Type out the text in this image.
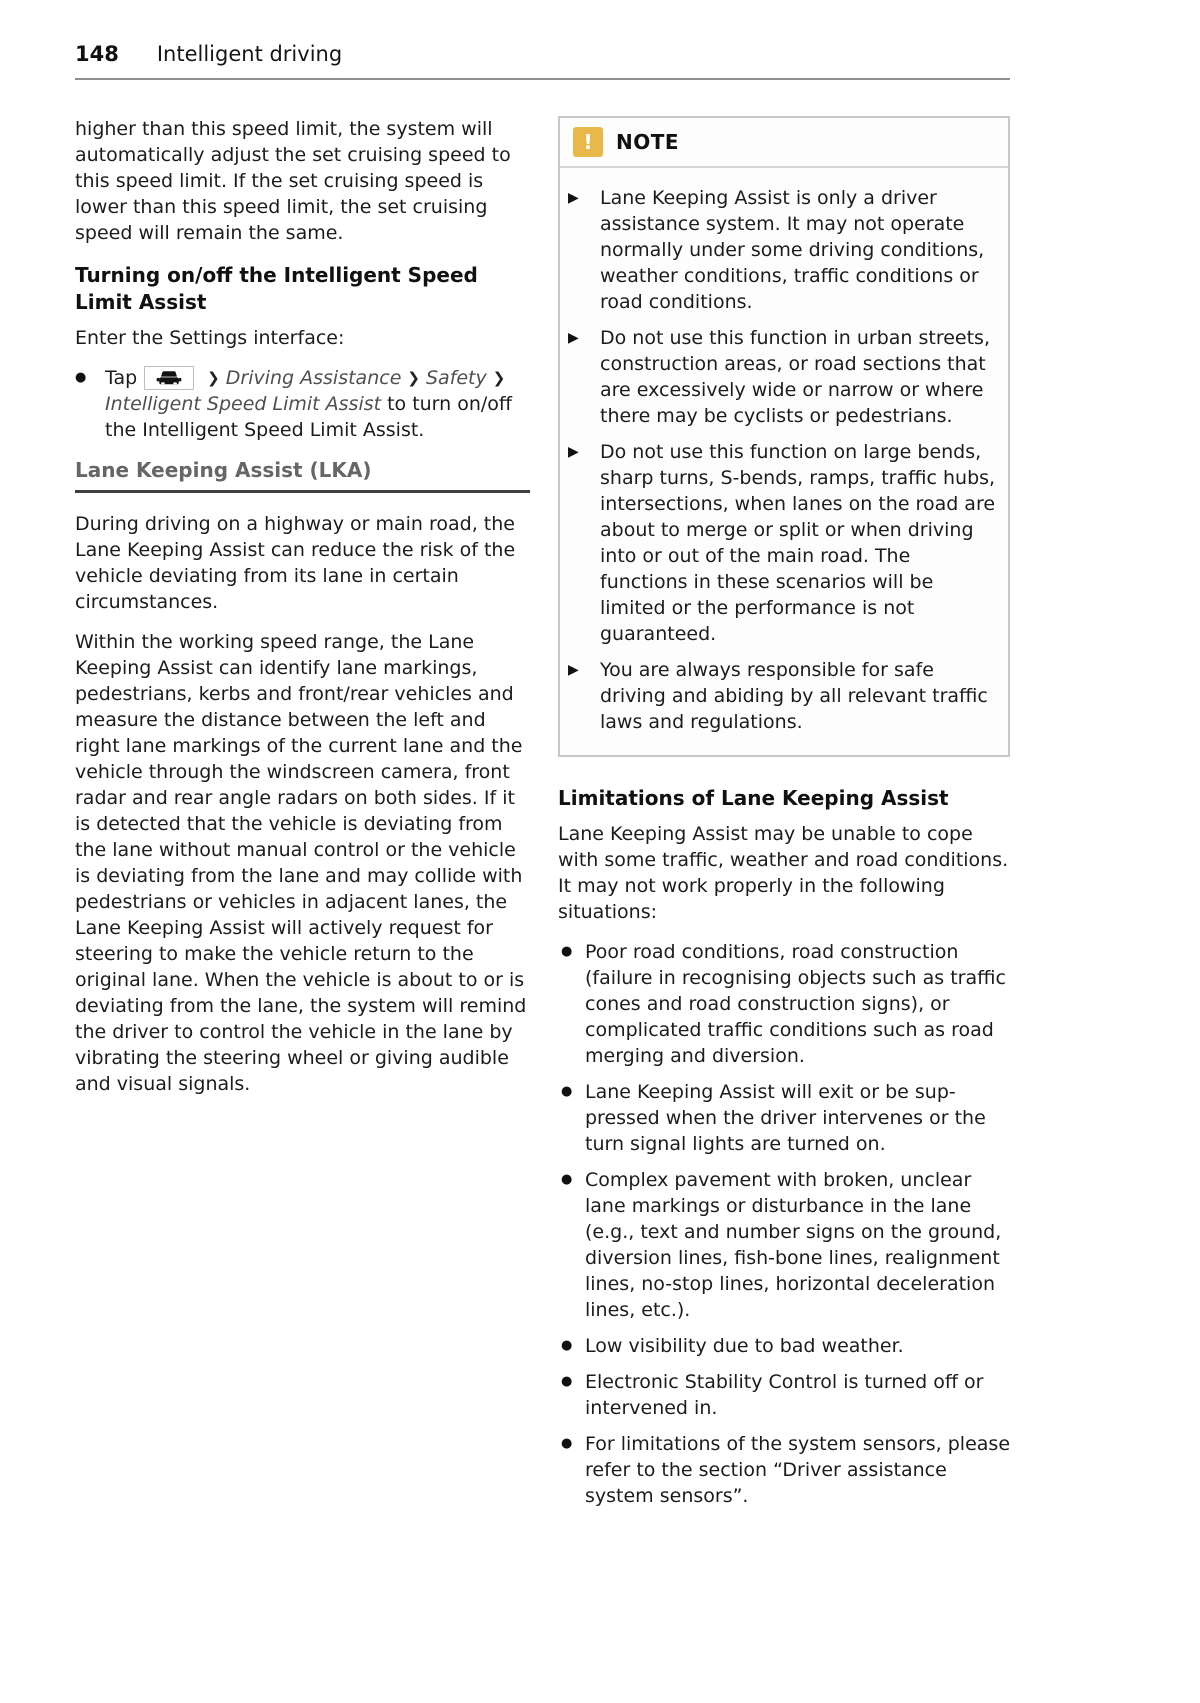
148 Intelligent driving

higher than this speed limit, the system will automatically adjust the set cruising speed to this speed limit. If the set cruising speed is lower than this speed limit, the set cruising speed will remain the same.

Turning on/off the Intelligent Speed Limit Assist

Enter the Settings interface:

● Tap	❯ Driving Assistance ❯ Safety ❯Intelligent Speed Limit Assist to turn on/off the Intelligent Speed Limit Assist.
Lane Keeping Assist (LKA)

During driving on a highway or main road, the Lane Keeping Assist can reduce the risk of the vehicle deviating from its lane in certain circumstances.

Within the working speed range, the Lane Keeping Assist can identify lane markings, pedestrians, kerbs and front/rear vehicles and measure the distance between the left and right lane markings of the current lane and the vehicle through the windscreen camera, front radar and rear angle radars on both sides. If it is detected that the vehicle is deviating from the lane without manual control or the vehicle is deviating from the lane and may collide with pedestrians or vehicles in adjacent lanes, the Lane Keeping Assist will actively request for steering to make the vehicle return to the original lane. When the vehicle is about to or is deviating from the lane, the system will remind the driver to control the vehicle in the lane by vibrating the steering wheel or giving audible and visual signals.

! NOTE
▶	Lane Keeping Assist is only a driver assistance system. It may not operate normally under some driving conditions, weather conditions, traffic conditions or road conditions.
▶	Do not use this function in urban streets, construction areas, or road sections that are excessively wide or narrow or where there may be cyclists or pedestrians.
▶	Do not use this function on large bends, sharp turns, S-bends, ramps, traffic hubs, intersections, when lanes on the road are about to merge or split or when driving into or out of the main road. The functions in these scenarios will be limited or the performance is not guaranteed.
▶	You are always responsible for safe driving and abiding by all relevant traffic laws and regulations.
Limitations of Lane Keeping Assist

Lane Keeping Assist may be unable to cope with some traffic, weather and road conditions. It may not work properly in the following situations:

● Poor road conditions, road construction (failure in recognising objects such as traffic cones and road construction signs), or complicated traffic conditions such as road merging and diversion.
● Lane Keeping Assist will exit or be suppressed when the driver intervenes or the turn signal lights are turned on.
● Complex pavement with broken, unclear lane markings or disturbance in the lane (e.g., text and number signs on the ground, diversion lines, fish-bone lines, realignment lines, no-stop lines, horizontal deceleration lines, etc.).
● Low visibility due to bad weather.
● Electronic Stability Control is turned off or intervened in.
● For limitations of the system sensors, please refer to the section “Driver assistance system sensors”.
